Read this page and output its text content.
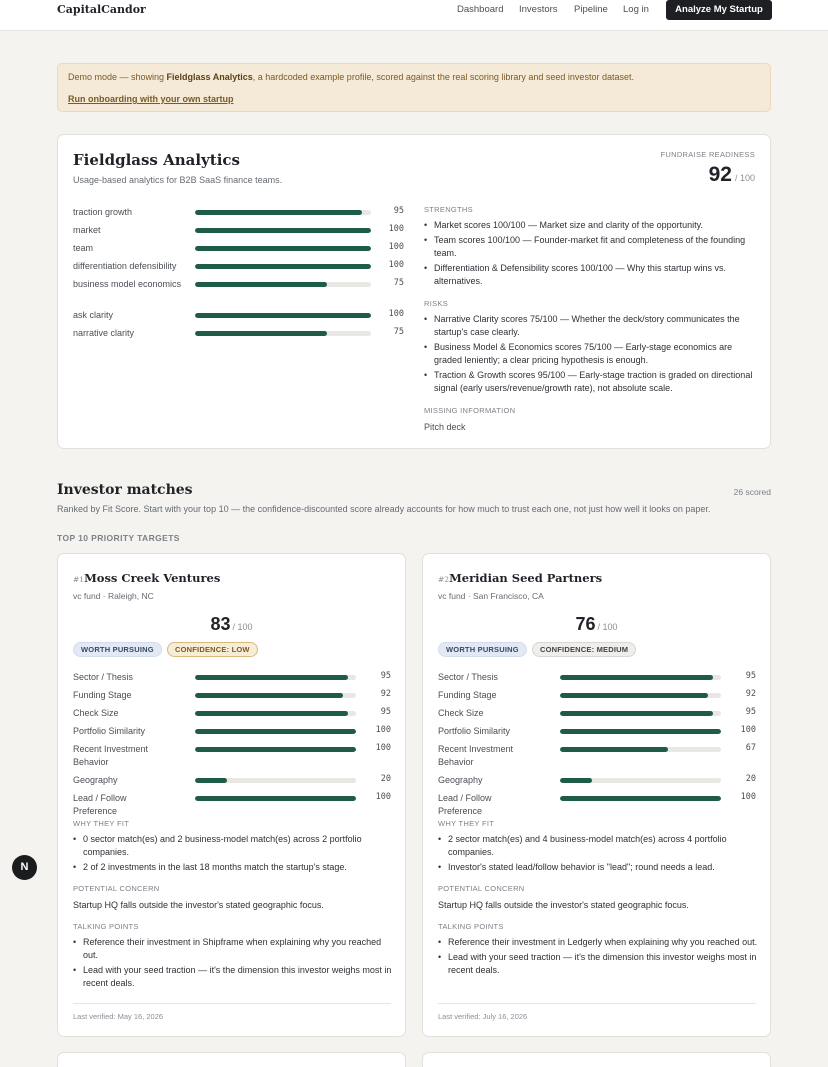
CapitalCandor	Dashboard Investors Pipeline Log in	Analyze My Startup
Demo mode — showing Fieldglass Analytics, a hardcoded example profile, scored against the real scoring library and seed investor dataset.
Run onboarding with your own startup
Fieldglass Analytics
Usage-based analytics for B2B SaaS finance teams.
FUNDRAISE READINESS
92 / 100
traction growth	95
market	100
team	100
differentiation defensibility	100
business model economics	75
ask clarity	100
narrative clarity	75
STRENGTHS
• Market scores 100/100 — Market size and clarity of the opportunity.
• Team scores 100/100 — Founder-market fit and completeness of the founding team.
• Differentiation & Defensibility scores 100/100 — Why this startup wins vs. alternatives.
RISKS
• Narrative Clarity scores 75/100 — Whether the deck/story communicates the startup's case clearly.
• Business Model & Economics scores 75/100 — Early-stage economics are graded leniently; a clear pricing hypothesis is enough.
• Traction & Growth scores 95/100 — Early-stage traction is graded on directional signal (early users/revenue/growth rate), not absolute scale.
MISSING INFORMATION
Pitch deck
Investor matches	26 scored
Ranked by Fit Score. Start with your top 10 — the confidence-discounted score already accounts for how much to trust each one, not just how well it looks on paper.
TOP 10 PRIORITY TARGETS
#1Moss Creek Ventures
vc fund · Raleigh, NC
83 / 100
WORTH PURSUING	CONFIDENCE: LOW
Sector / Thesis	95
Funding Stage	92
Check Size	95
Portfolio Similarity	100
Recent Investment Behavior
100
Geography	20
Lead / Follow Preference
100
WHY THEY FIT
• 0 sector match(es) and 2 business-model match(es) across 2 portfolio companies.
• 2 of 2 investments in the last 18 months match the startup's stage.
POTENTIAL CONCERN
Startup HQ falls outside the investor's stated geographic focus.
TALKING POINTS
• Reference their investment in Shipframe when explaining why you reached out.
• Lead with your seed traction — it's the dimension this investor weighs most in recent deals.
Last verified: May 16, 2026
#2Meridian Seed Partners
vc fund · San Francisco, CA
76 / 100
WORTH PURSUING	CONFIDENCE: MEDIUM
Sector / Thesis	95
Funding Stage	92
Check Size	95
Portfolio Similarity	100
Recent Investment Behavior
67
Geography	20
Lead / Follow Preference
100
WHY THEY FIT
• 2 sector match(es) and 4 business-model match(es) across 4 portfolio companies.
• Investor's stated lead/follow behavior is "lead"; round needs a lead.
POTENTIAL CONCERN
Startup HQ falls outside the investor's stated geographic focus.
TALKING POINTS
• Reference their investment in Ledgerly when explaining why you reached out.
• Lead with your seed traction — it's the dimension this investor weighs most in recent deals.
Last verified: July 16, 2026
N
